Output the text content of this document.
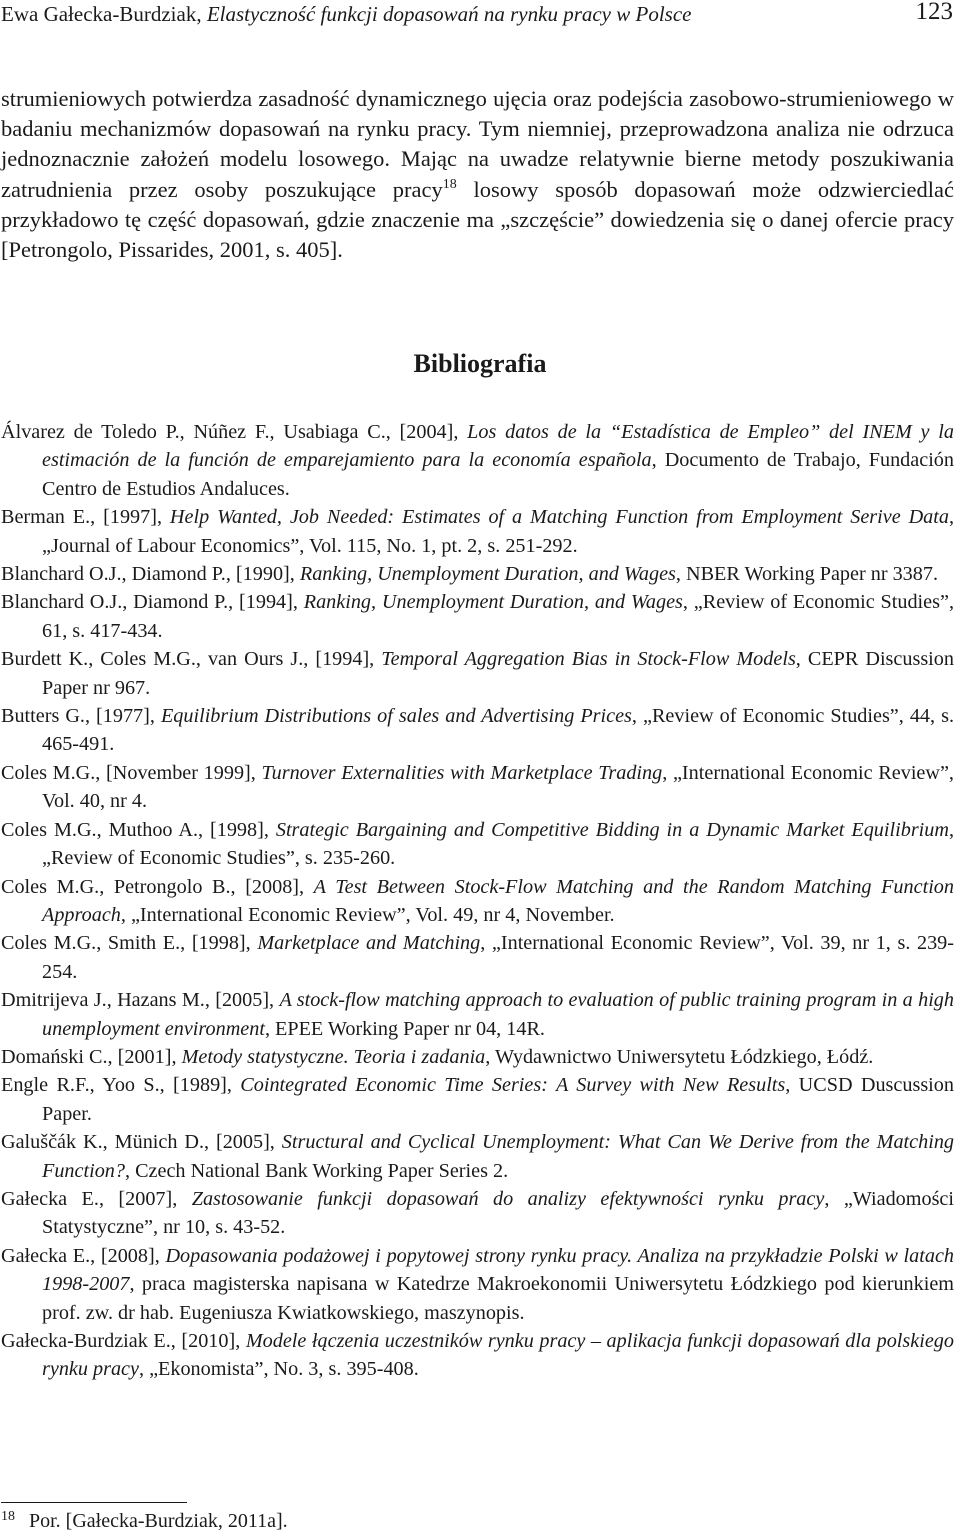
Ewa Gałecka-Burdziak, Elastyczność funkcji dopasowań na rynku pracy w Polsce	123

strumieniowych potwierdza zasadność dynamicznego ujęcia oraz podejścia zasobowo-strumieniowego w badaniu mechanizmów dopasowań na rynku pracy. Tym niemniej, przeprowadzona analiza nie odrzuca jednoznacznie założeń modelu losowego. Mając na uwadze relatywnie bierne metody poszukiwania zatrudnienia przez osoby poszukujące pracy$^{18}$ losowy sposób dopasowań może odzwierciedlać przykładowo tę część dopasowań, gdzie znaczenie ma „szczęście” dowiedzenia się o danej ofercie pracy [Petrongolo, Pissarides, 2001, s. 405].

Bibliografia
Álvarez de Toledo P., Núñez F., Usabiaga C., [2004], Los datos de la “Estadística de Empleo” del INEM y la estimación de la función de emparejamiento para la economía española, Documento de Trabajo, Fundación Centro de Estudios Andaluces.
Berman E., [1997], Help Wanted, Job Needed: Estimates of a Matching Function from Employment Serive Data, „Journal of Labour Economics”, Vol. 115, No. 1, pt. 2, s. 251-292.
Blanchard O.J., Diamond P., [1990], Ranking, Unemployment Duration, and Wages, NBER Working Paper nr 3387.
Blanchard O.J., Diamond P., [1994], Ranking, Unemployment Duration, and Wages, „Review of Economic Studies”, 61, s. 417-434.
Burdett K., Coles M.G., van Ours J., [1994], Temporal Aggregation Bias in Stock-Flow Models, CEPR Discussion Paper nr 967.
Butters G., [1977], Equilibrium Distributions of sales and Advertising Prices, „Review of Economic Studies”, 44, s. 465-491.
Coles M.G., [November 1999], Turnover Externalities with Marketplace Trading, „International Economic Review”, Vol. 40, nr 4.
Coles M.G., Muthoo A., [1998], Strategic Bargaining and Competitive Bidding in a Dynamic Market Equilibrium, „Review of Economic Studies”, s. 235-260.
Coles M.G., Petrongolo B., [2008], A Test Between Stock-Flow Matching and the Random Matching Function Approach, „International Economic Review”, Vol. 49, nr 4, November.
Coles M.G., Smith E., [1998], Marketplace and Matching, „International Economic Review”, Vol. 39, nr 1, s. 239-254.
Dmitrijeva J., Hazans M., [2005], A stock-flow matching approach to evaluation of public training program in a high unemployment environment, EPEE Working Paper nr 04, 14R.
Domański C., [2001], Metody statystyczne. Teoria i zadania, Wydawnictwo Uniwersytetu Łódzkiego, Łódź.
Engle R.F., Yoo S., [1989], Cointegrated Economic Time Series: A Survey with New Results, UCSD Duscussion Paper.
Galuščák K., Münich D., [2005], Structural and Cyclical Unemployment: What Can We Derive from the Matching Function?, Czech National Bank Working Paper Series 2.
Gałecka E., [2007], Zastosowanie funkcji dopasowań do analizy efektywności rynku pracy, „Wiadomości Statystyczne”, nr 10, s. 43-52.
Gałecka E., [2008], Dopasowania podażowej i popytowej strony rynku pracy. Analiza na przykładzie Polski w latach 1998-2007, praca magisterska napisana w Katedrze Makroekonomii Uniwersytetu Łódzkiego pod kierunkiem prof. zw. dr hab. Eugeniusza Kwiatkowskiego, maszynopis.
Gałecka-Burdziak E., [2010], Modele łączenia uczestników rynku pracy – aplikacja funkcji dopasowań dla polskiego rynku pracy, „Ekonomista”, No. 3, s. 395-408.
$^{18}$ Por. [Gałecka-Burdziak, 2011a].
